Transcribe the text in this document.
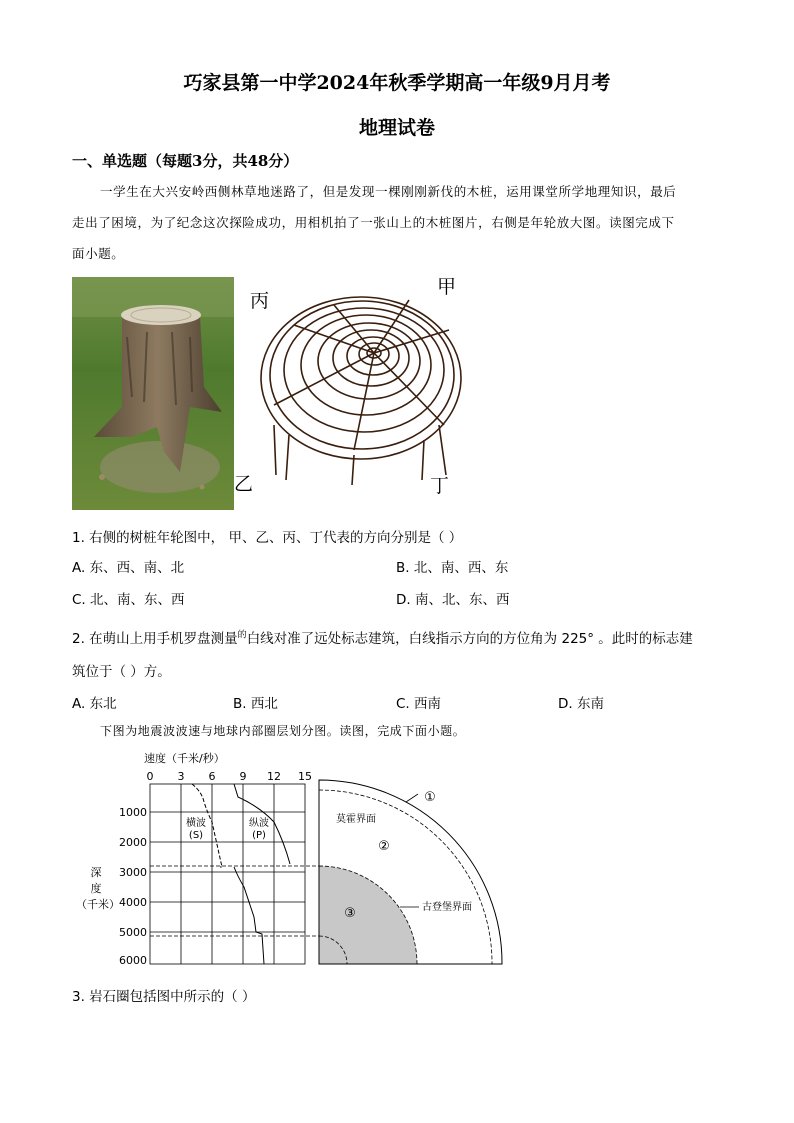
巧家县第一中学2024年秋季学期高一年级9月月考
地理试卷
一、单选题（每题3分，共48分）
一学生在大兴安岭西侧林草地迷路了，但是发现一棵刚刚新伐的木桩，运用课堂所学地理知识，最后
走出了困境，为了纪念这次探险成功，用相机拍了一张山上的木桩图片，右侧是年轮放大图。读图完成下
面小题。
丙
甲
乙	丁
1. 右侧的树桩年轮图中， 甲、乙、丙、丁代表的方向分别是（ ）
A. 东、西、南、北	B. 北、南、西、东
C. 北、南、东、西	D. 南、北、东、西
2. 在萌山上用手机罗盘测量$^的$白线对准了远处标志建筑，白线指示方向的方位角为 225° 。此时的标志建
筑位于（ ）方。
A. 东北	B. 西北	C. 西南	D. 东南
下图为地震波波速与地球内部圈层划分图。读图，完成下面小题。
速度（千米/秒）
0 3 6 9 12 15
1000
2000
3000
4000
5000
6000
深
度
（千米）
横波
(S)
纵波
(P)
莫霍界面
①
②
③	古登堡界面
3. 岩石圈包括图中所示的（ ）
